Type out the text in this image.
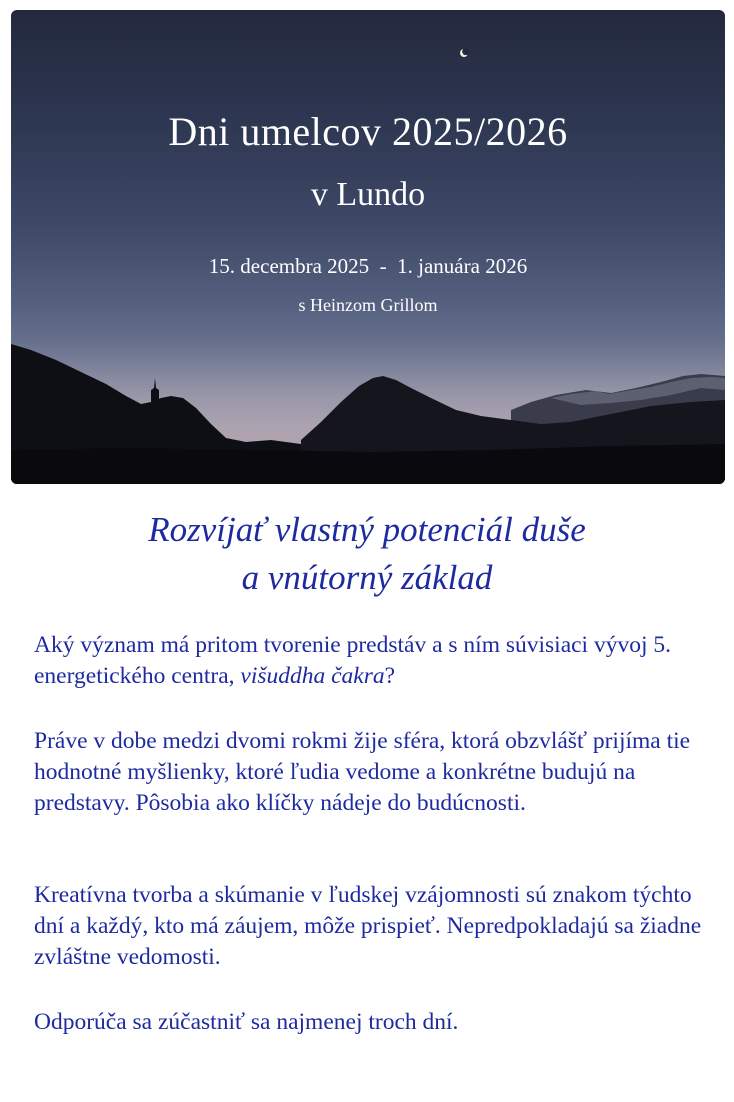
Dni umelcov 2025/2026
v Lundo
15. decembra 2025  -  1. januára 2026
s Heinzom Grillom
Rozvíjať vlastný potenciál duše
a vnútorný základ

Aký význam má pritom tvorenie predstáv a s ním súvisiaci vývoj 5. energetického centra, višuddha čakra?

Práve v dobe medzi dvomi rokmi žije sféra, ktorá obzvlášť prijíma tie hodnotné myšlienky, ktoré ľudia vedome a konkrétne budujú na predstavy. Pôsobia ako klíčky nádeje do budúcnosti.

Kreatívna tvorba a skúmanie v ľudskej vzájomnosti sú znakom týchto dní a každý, kto má záujem, môže prispieť. Nepredpokladajú sa žiadne zvláštne vedomosti.

Odporúča sa zúčastniť sa najmenej troch dní.
